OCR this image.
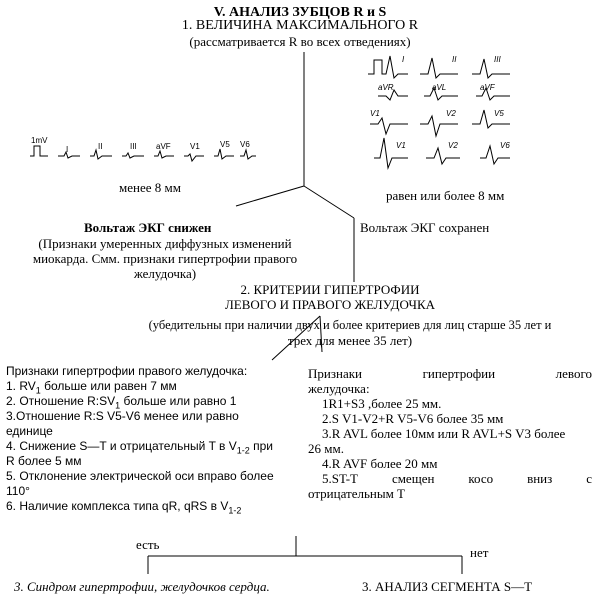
V. АНАЛИЗ ЗУБЦОВ R и S
1. ВЕЛИЧИНА МАКСИМАЛЬНОГО R
(рассматривается R во всех отведениях)
1mV
I	II	III aVF V1	V5 V6
менее 8 мм
I	II	III
aVR	aVL	aVF
V1	V2	V5
V1	V2	V6
равен или более 8 мм
Вольтаж ЭКГ снижен
(Признаки умеренных диффузных изменений
миокарда. Смм. признаки гипертрофии правого
желудочка)
Вольтаж ЭКГ сохранен
2. КРИТЕРИИ ГИПЕРТРОФИИ
ЛЕВОГО И ПРАВОГО ЖЕЛУДОЧКА
(убедительны при наличии двух и более критериев для лиц старше 35 лет и
трех для менее 35 лет)
Признаки гипертрофии правого желудочка:
1. $RV_1$ больше или равен 7 мм
2. Отношение $R:SV_1$ больше или равно 1
3.Отношение R:S V5-V6 менее или равно
единице
4. Снижение S—T и отрицательный T в $V_{1-2}$ при
R более 5 мм
5. Отклонение электрической оси вправо более
110°
6. Наличие комплекса типа qR, qRS в $V_{1-2}$
Признаки	гипертрофии	левого
желудочка:
1R1+S3 ,более 25 мм.
2.S V1-V2+R V5-V6 более 35 мм
3.R AVL более 10мм или R AVL+S V3 более
26 мм.
4.R AVF более 20 мм
5.ST-T	смещен	косо	вниз	с
отрицательным Т
есть
нет
3. Синдром гипертрофии, желудочков сердца.	3. АНАЛИЗ СЕГМЕНТА S—T
